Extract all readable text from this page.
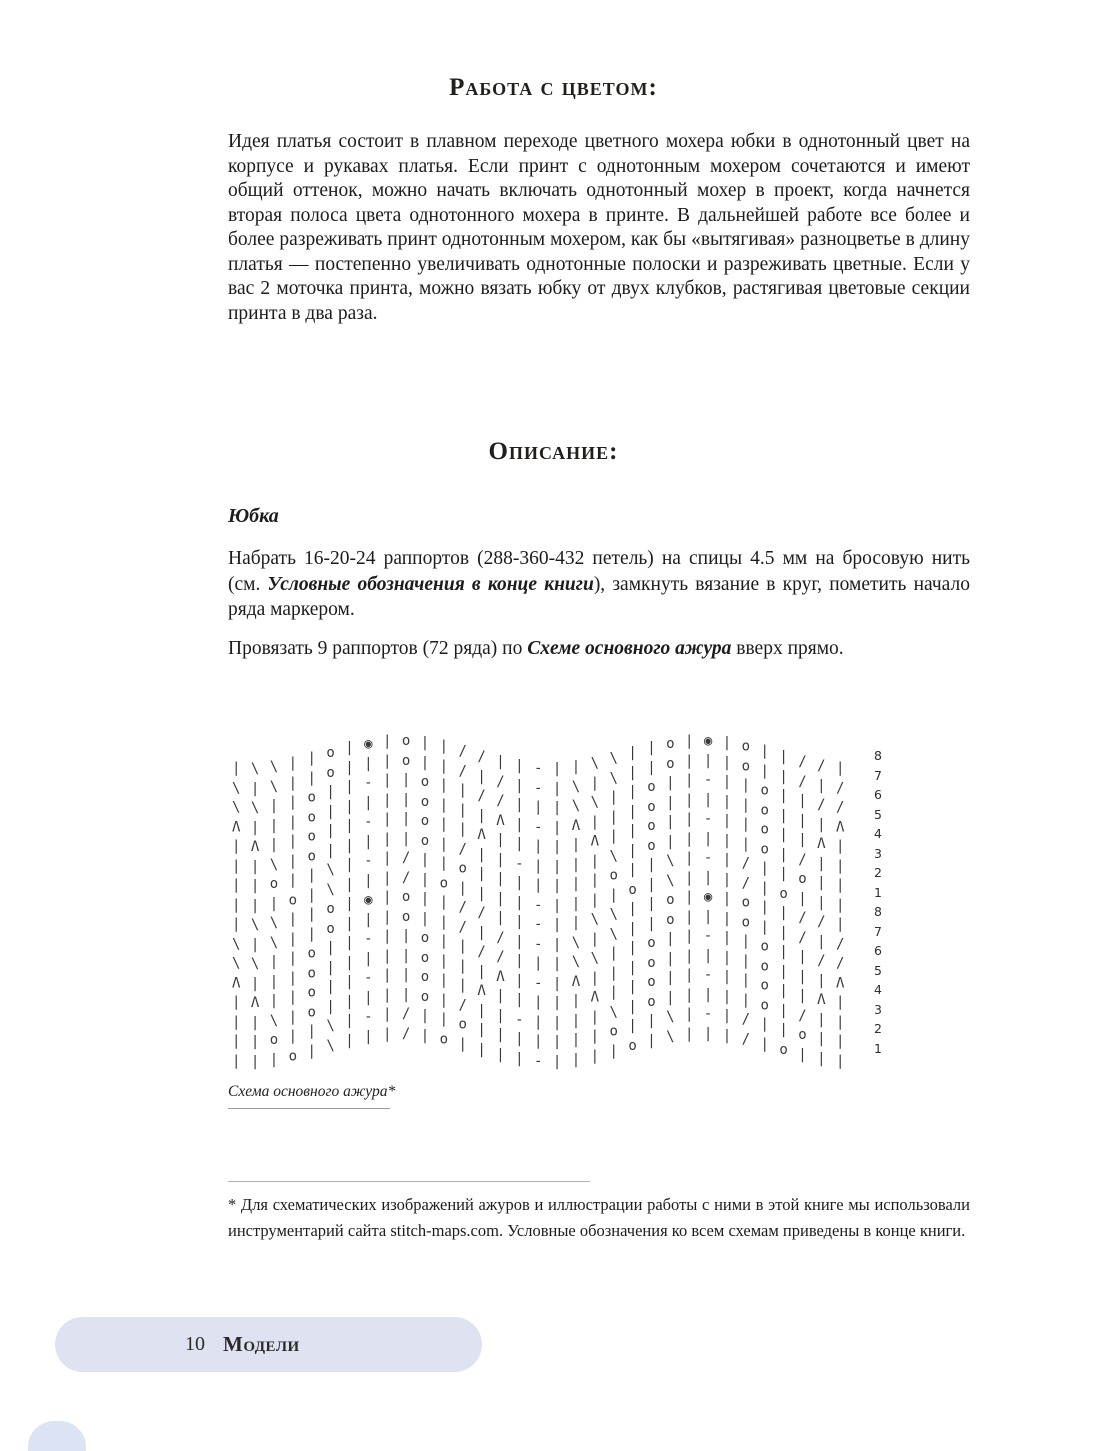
Работа с цветом:

Идея платья состоит в плавном переходе цветного мохера юбки в однотонный цвет на корпусе и рукавах платья. Если принт с однотонным мохером сочетаются и имеют общий оттенок, можно начать включать однотонный мохер в проект, когда начнется вторая полоса цвета однотонного мохера в принте. В дальнейшей работе все более и более разреживать принт однотонным мохером, как бы «вытягивая» разноцветье в длину платья — постепенно увеличивать однотонные полоски и разреживать цветные. Если у вас 2 моточка принта, можно вязать юбку от двух клубков, растягивая цветовые секции принта в два раза.

Описание:
Юбка

Набрать 16-20-24 раппортов (288-360-432 петель) на спицы 4.5 мм на бросовую нить (см. Условные обозначения в конце книги), замкнуть вязание в круг, пометить начало ряда маркером.

Провязать 9 раппортов (72 ряда) по Схеме основного ажура вверх прямо.

| \ \ | | o | ◉ | o | | / / | | - | | \ \ | | o | ◉ | o | | / / |
8
\ | \ | | o | | | o | | / | / | - | \ | \ | | o | | | o | | / | /
7
\ \ | | o | | - | | o | | / / | | | \ \ | | o | | - | | o | | / /
6
Λ | | | o | | | | | o | | | Λ | - | Λ | | | o | | | | | o | | | Λ
5
| Λ | | o | | - | | o | | Λ | | | | | Λ | | o | | - | | o | | Λ |
4
| | \ | o | | | | | o | / | | - | | | | \ | o | | | | | o | / | |
3
| | o | | \ | - | / | | o | | | | | | | o | | \ | - | / | | o | |
2
| | | o | \ | | | / | o | | | | - | | | | o | \ | | | / | o | | |
1
| \ \ | | o | ◉ | o | | / / | | - | | \ \ | | o | ◉ | o | | / / |
8
\ | \ | | o | | | o | | / | / | - | \ | \ | | o | | | o | | / | /
7
\ \ | | o | | - | | o | | / / | | | \ \ | | o | | - | | o | | / /
6
Λ | | | o | | | | | o | | | Λ | - | Λ | | | o | | | | | o | | | Λ
5
| Λ | | o | | - | | o | | Λ | | | | | Λ | | o | | - | | o | | Λ |
4
| | \ | o | | | | | o | / | | - | | | | \ | o | | | | | o | / | |
3
| | o | | \ | - | / | | o | | | | | | | o | | \ | - | / | | o | |
2
| | | o | \ | | | / | o | | | | - | | | | o | \ | | | / | o | | |
1
Схема основного ажура*

* Для схематических изображений ажуров и иллюстрации работы с ними в этой книге мы использовали инструментарий сайта stitch-maps.com. Условные обозначения ко всем схемам приведены в конце книги.

10 Модели
